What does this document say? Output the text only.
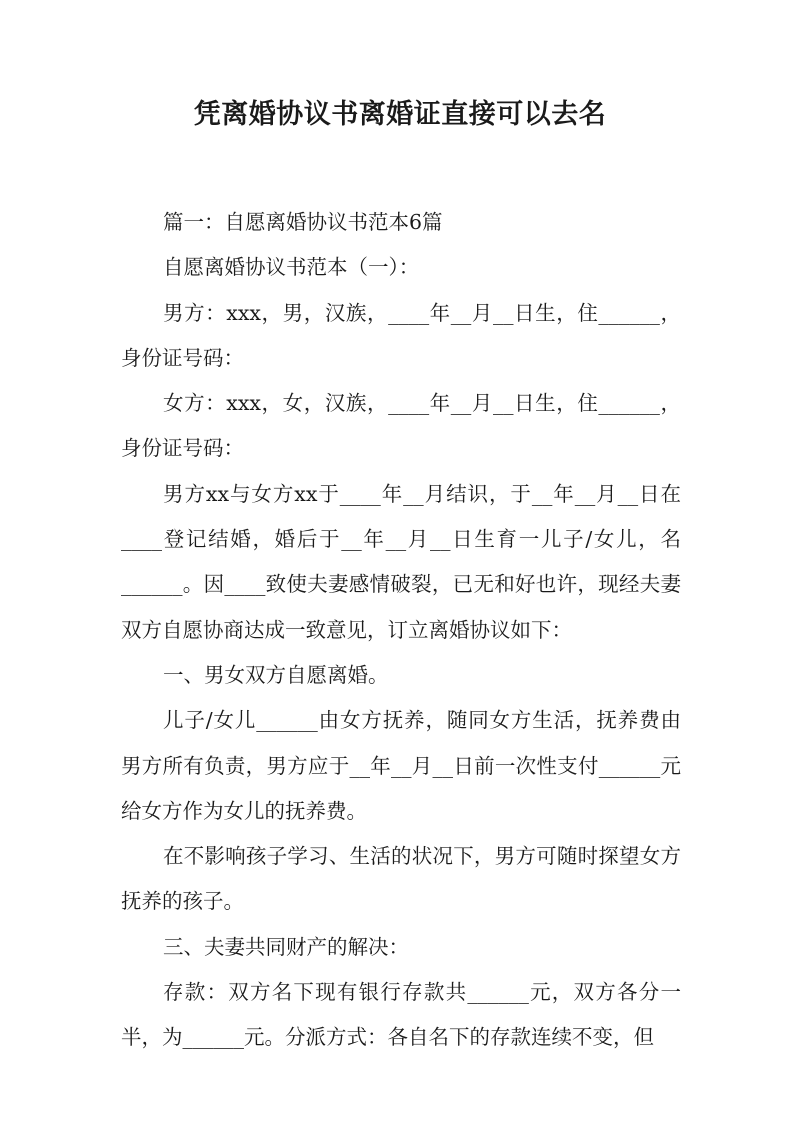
凭离婚协议书离婚证直接可以去名

篇一：自愿离婚协议书范本6篇

自愿离婚协议书范本（一）：

男方：xxx，男，汉族，____年__月__日生，住______，身份证号码：

女方：xxx，女，汉族，____年__月__日生，住______，身份证号码：

男方xx与女方xx于____年__月结识，于__年__月__日在____登记结婚，婚后于__年__月__日生育一儿子/女儿，名______。因____致使夫妻感情破裂，已无和好也许，现经夫妻双方自愿协商达成一致意见，订立离婚协议如下：

一、男女双方自愿离婚。

儿子/女儿______由女方抚养，随同女方生活，抚养费由男方所有负责，男方应于__年__月__日前一次性支付______元给女方作为女儿的抚养费。

在不影响孩子学习、生活的状况下，男方可随时探望女方抚养的孩子。

三、夫妻共同财产的解决：

存款：双方名下现有银行存款共______元，双方各分一半，为______元。分派方式：各自名下的存款连续不变，但
